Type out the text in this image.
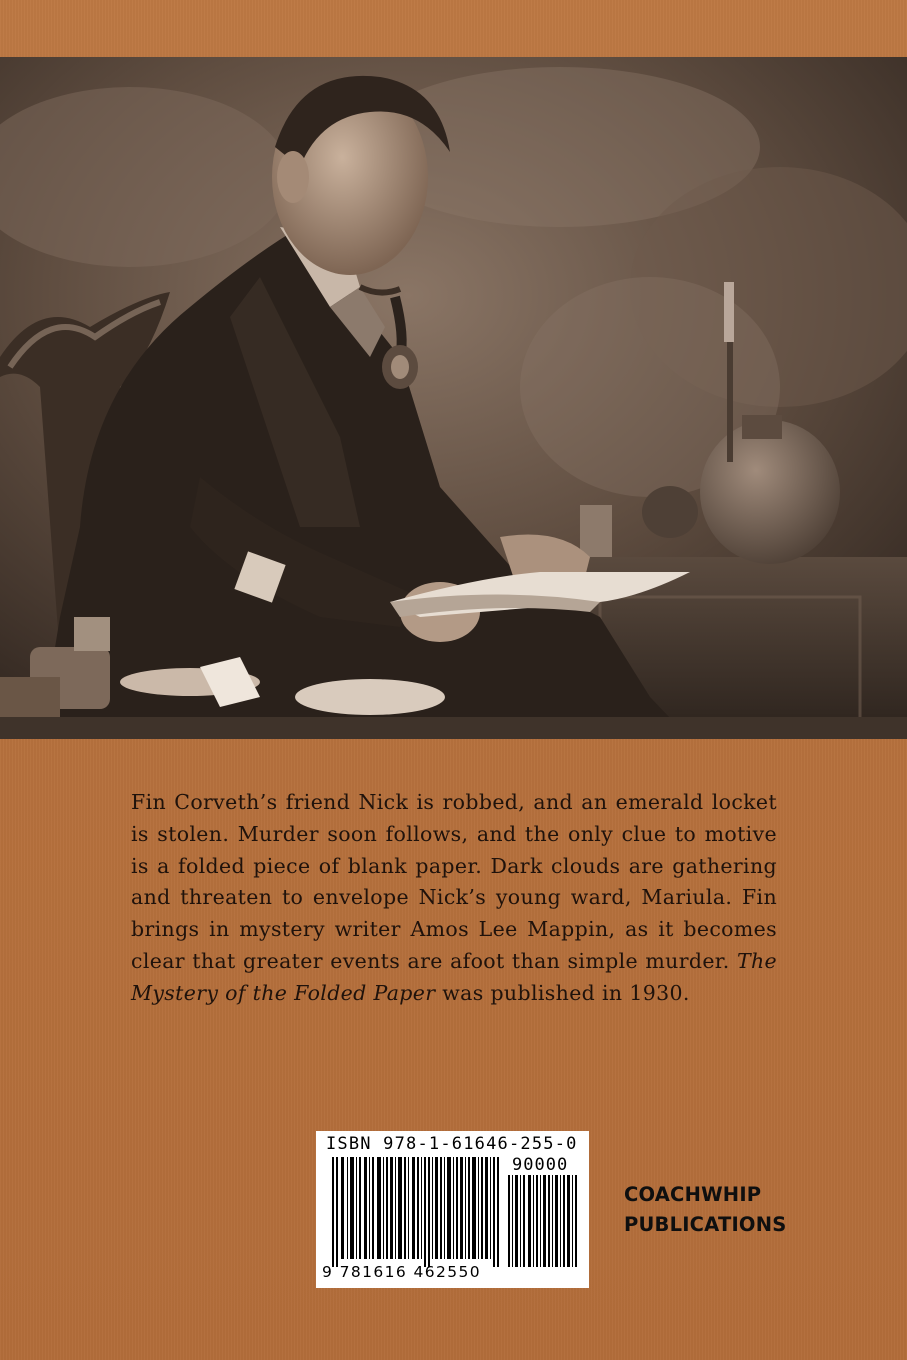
Fin Corveth’s friend Nick is robbed, and an emerald locket is stolen. Murder soon follows, and the only clue to motive is a folded piece of blank paper. Dark clouds are gathering and threaten to envelope Nick’s young ward, Mariula. Fin brings in mystery writer Amos Lee Mappin, as it becomes clear that greater events are afoot than simple murder. The Mystery of the Folded Paper was published in 1930.

ISBN 978-1-61646-255-0
90000
9 781616 462550
COACHWHIP
PUBLICATIONS
